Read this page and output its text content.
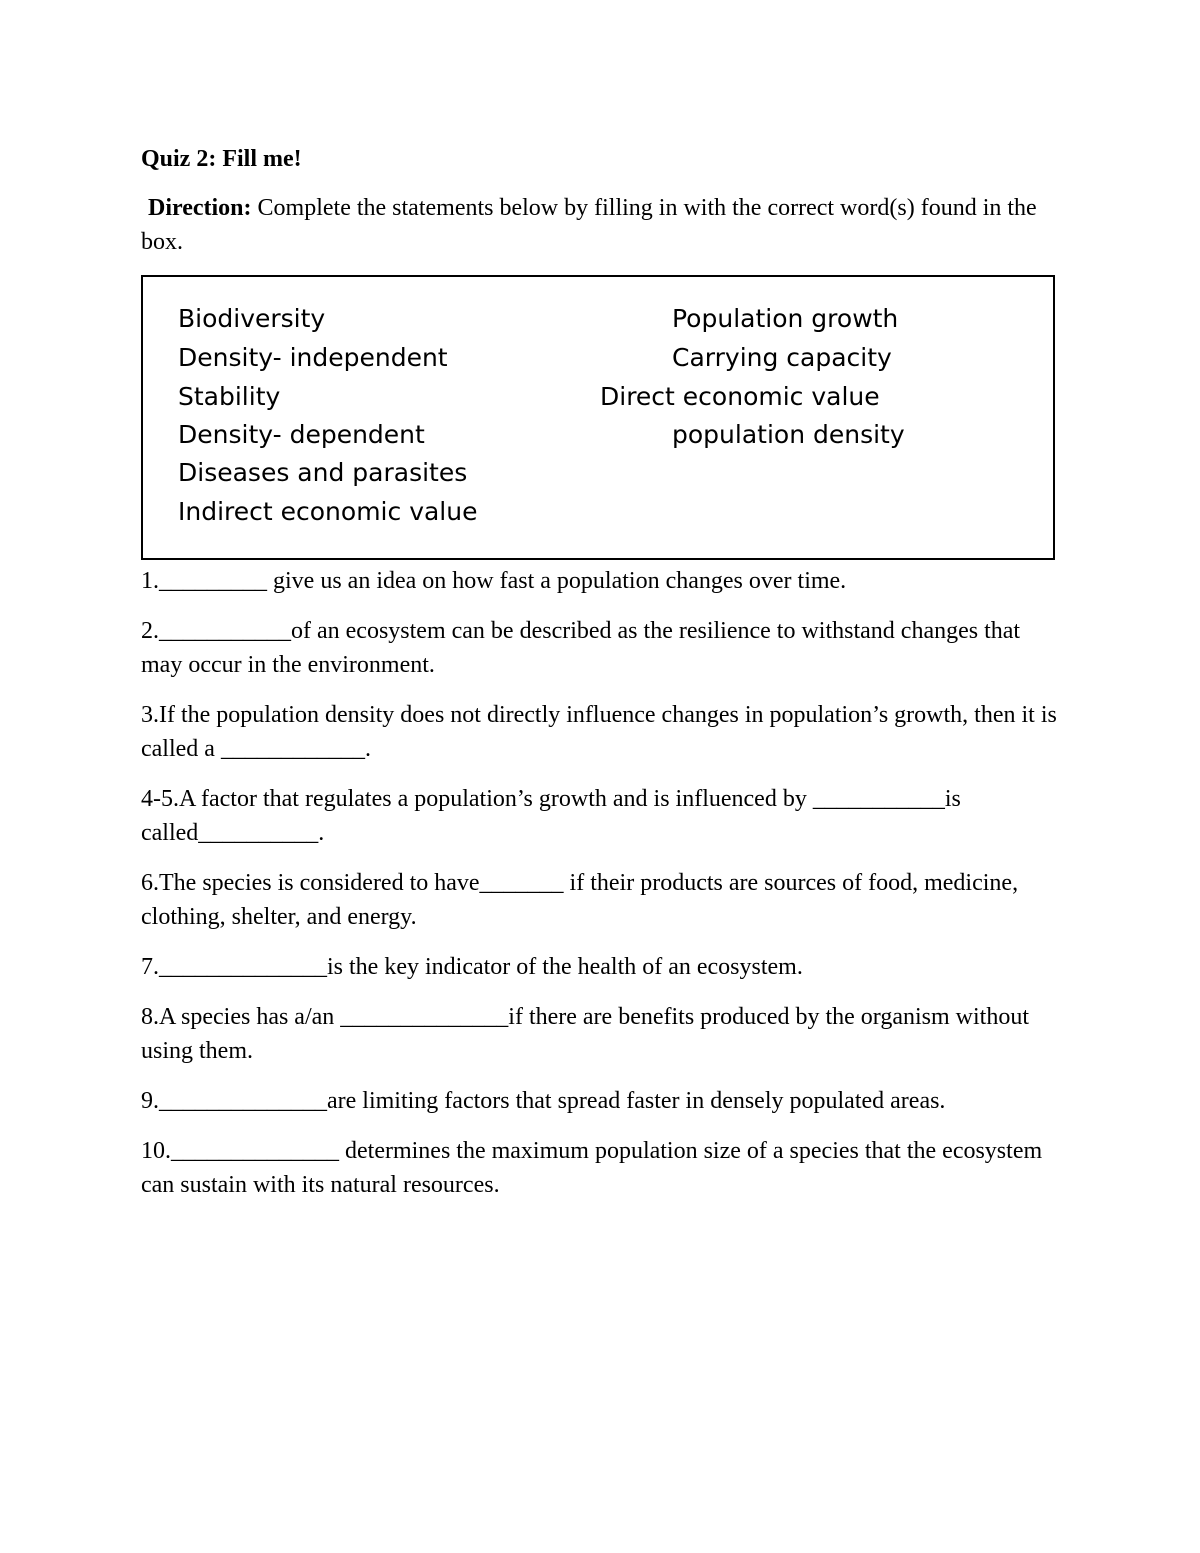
Quiz 2: Fill me!
Direction: Complete the statements below by filling in with the correct word(s) found in the box.
Biodiversity
Density- independent
Stability
Density- dependent
Diseases and parasites
Indirect economic value
Population growth
Carrying capacity
Direct economic value
population density
1._________ give us an idea on how fast a population changes over time.
2.___________of an ecosystem can be described as the resilience to withstand changes that may occur in the environment.
3.If the population density does not directly influence changes in population’s growth, then it is called a ____________.
4-5.A factor that regulates a population’s growth and is influenced by ___________is called__________.
6.The species is considered to have_______ if their products are sources of food, medicine, clothing, shelter, and energy.
7.______________is the key indicator of the health of an ecosystem.
8.A species has a/an ______________if there are benefits produced by the organism without using them.
9.______________are limiting factors that spread faster in densely populated areas.
10.______________ determines the maximum population size of a species that the ecosystem can sustain with its natural resources.
